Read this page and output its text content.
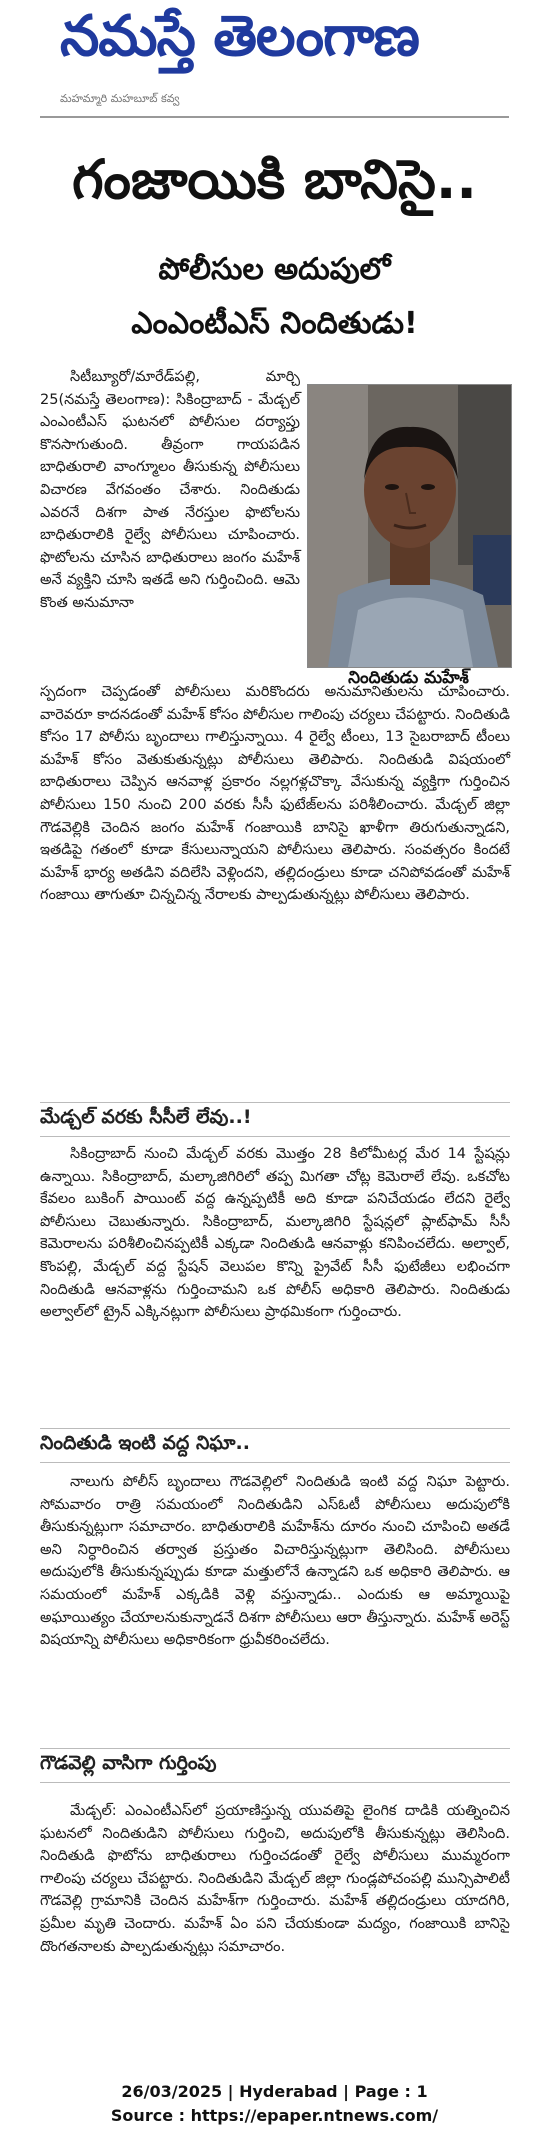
నమస్తే తెలంగాణ
మహమ్మారి మహబూబ్ కవ్వ
గంజాయికి బానిసై..
పోలీసుల అదుపులో
ఎంఎంటీఎస్ నిందితుడు!

సిటీబ్యూరో/మారేడ్‌పల్లి, మార్చి 25(నమస్తే తెలంగాణ): సికింద్రాబాద్ - మేడ్చల్ ఎంఎంటీఎస్ ఘటనలో పోలీసుల దర్యాప్తు కొనసాగుతుంది. తీవ్రంగా గాయపడిన బాధితురాలి వాంగ్మూలం తీసుకున్న పోలీసులు విచారణ వేగవంతం చేశారు. నిందితుడు ఎవరనే దిశగా పాత నేరస్తుల ఫొటోలను బాధితురాలికి రైల్వే పోలీసులు చూపించారు. ఫొటోలను చూసిన బాధితురాలు జంగం మహేశ్ అనే వ్యక్తిని చూసి ఇతడే అని గుర్తించింది. ఆమె కొంత అనుమానా

నిందితుడు మహేశ్

స్పదంగా చెప్పడంతో పోలీసులు మరికొందరు అనుమానితులను చూపించారు. వారెవరూ కాదనడంతో మహేశ్ కోసం పోలీసుల గాలింపు చర్యలు చేపట్టారు. నిందితుడి కోసం 17 పోలీసు బృందాలు గాలిస్తున్నాయి. 4 రైల్వే టీంలు, 13 సైబరాబాద్ టీంలు మహేశ్ కోసం వెతుకుతున్నట్లు పోలీసులు తెలిపారు. నిందితుడి విషయంలో బాధితురాలు చెప్పిన ఆనవాళ్ల ప్రకారం నల్లగళ్లచొక్కా వేసుకున్న వ్యక్తిగా గుర్తించిన పోలీసులు 150 నుంచి 200 వరకు సీసీ ఫుటేజ్‌లను పరిశీలించారు. మేడ్చల్ జిల్లా గౌడవెల్లికి చెందిన జంగం మహేశ్ గంజాయికి బానిసై ఖాళీగా తిరుగుతున్నాడని, ఇతడిపై గతంలో కూడా కేసులున్నాయని పోలీసులు తెలిపారు. సంవత్సరం కిందటే మహేశ్ భార్య అతడిని వదిలేసి వెళ్లిందని, తల్లిదండ్రులు కూడా చనిపోవడంతో మహేశ్ గంజాయి తాగుతూ చిన్నచిన్న నేరాలకు పాల్పడుతున్నట్లు పోలీసులు తెలిపారు.

మేడ్చల్ వరకు సీసీలే లేవు..!

సికింద్రాబాద్ నుంచి మేడ్చల్ వరకు మొత్తం 28 కిలోమీటర్ల మేర 14 స్టేషన్లు ఉన్నాయి. సికింద్రాబాద్, మల్కాజిగిరిలో తప్ప మిగతా చోట్ల కెమెరాలే లేవు. ఒకచోట కేవలం బుకింగ్ పాయింట్ వద్ద ఉన్నప్పటికీ అది కూడా పనిచేయడం లేదని రైల్వే పోలీసులు చెబుతున్నారు. సికింద్రాబాద్, మల్కాజిగిరి స్టేషన్లలో ప్లాట్‌ఫామ్ సీసీ కెమెరాలను పరిశీలించినప్పటికీ ఎక్కడా నిందితుడి ఆనవాళ్లు కనిపించలేదు. అల్వాల్, కొంపల్లి, మేడ్చల్ వద్ద స్టేషన్ వెలుపల కొన్ని ప్రైవేట్ సీసీ ఫుటేజీలు లభించగా నిందితుడి ఆనవాళ్లను గుర్తించామని ఒక పోలీస్ అధికారి తెలిపారు. నిందితుడు అల్వాల్‌లో ట్రైన్ ఎక్కినట్లుగా పోలీసులు ప్రాథమికంగా గుర్తించారు.

నిందితుడి ఇంటి వద్ద నిఘా..

నాలుగు పోలీస్ బృందాలు గౌడవెల్లిలో నిందితుడి ఇంటి వద్ద నిఘా పెట్టారు. సోమవారం రాత్రి సమయంలో నిందితుడిని ఎస్ఓటీ పోలీసులు అదుపులోకి తీసుకున్నట్లుగా సమాచారం. బాధితురాలికి మహేశ్‌ను దూరం నుంచి చూపించి అతడే అని నిర్ధారించిన తర్వాత ప్రస్తుతం విచారిస్తున్నట్లుగా తెలిసింది. పోలీసులు అదుపులోకి తీసుకున్నప్పుడు కూడా మత్తులోనే ఉన్నాడని ఒక అధికారి తెలిపారు. ఆ సమయంలో మహేశ్ ఎక్కడికి వెళ్లి వస్తున్నాడు.. ఎందుకు ఆ అమ్మాయిపై అఘాయిత్యం చేయాలనుకున్నాడనే దిశగా పోలీసులు ఆరా తీస్తున్నారు. మహేశ్ అరెస్ట్ విషయాన్ని పోలీసులు అధికారికంగా ధ్రువీకరించలేదు.

గౌడవెల్లి వాసిగా గుర్తింపు

మేడ్చల్: ఎంఎంటీఎస్‌లో ప్రయాణిస్తున్న యువతిపై లైంగిక దాడికి యత్నించిన ఘటనలో నిందితుడిని పోలీసులు గుర్తించి, అదుపులోకి తీసుకున్నట్లు తెలిసింది. నిందితుడి ఫొటోను బాధితురాలు గుర్తించడంతో రైల్వే పోలీసులు ముమ్మరంగా గాలింపు చర్యలు చేపట్టారు. నిందితుడిని మేడ్చల్ జిల్లా గుండ్లపోచంపల్లి మున్సిపాలిటీ గౌడవెల్లి గ్రామానికి చెందిన మహేశ్‌గా గుర్తించారు. మహేశ్ తల్లిదండ్రులు యాదగిరి, ప్రమీల మృతి చెందారు. మహేశ్ ఏం పని చేయకుండా మద్యం, గంజాయికి బానిసై దొంగతనాలకు పాల్పడుతున్నట్లు సమాచారం.

26/03/2025 | Hyderabad | Page : 1
Source : https://epaper.ntnews.com/
